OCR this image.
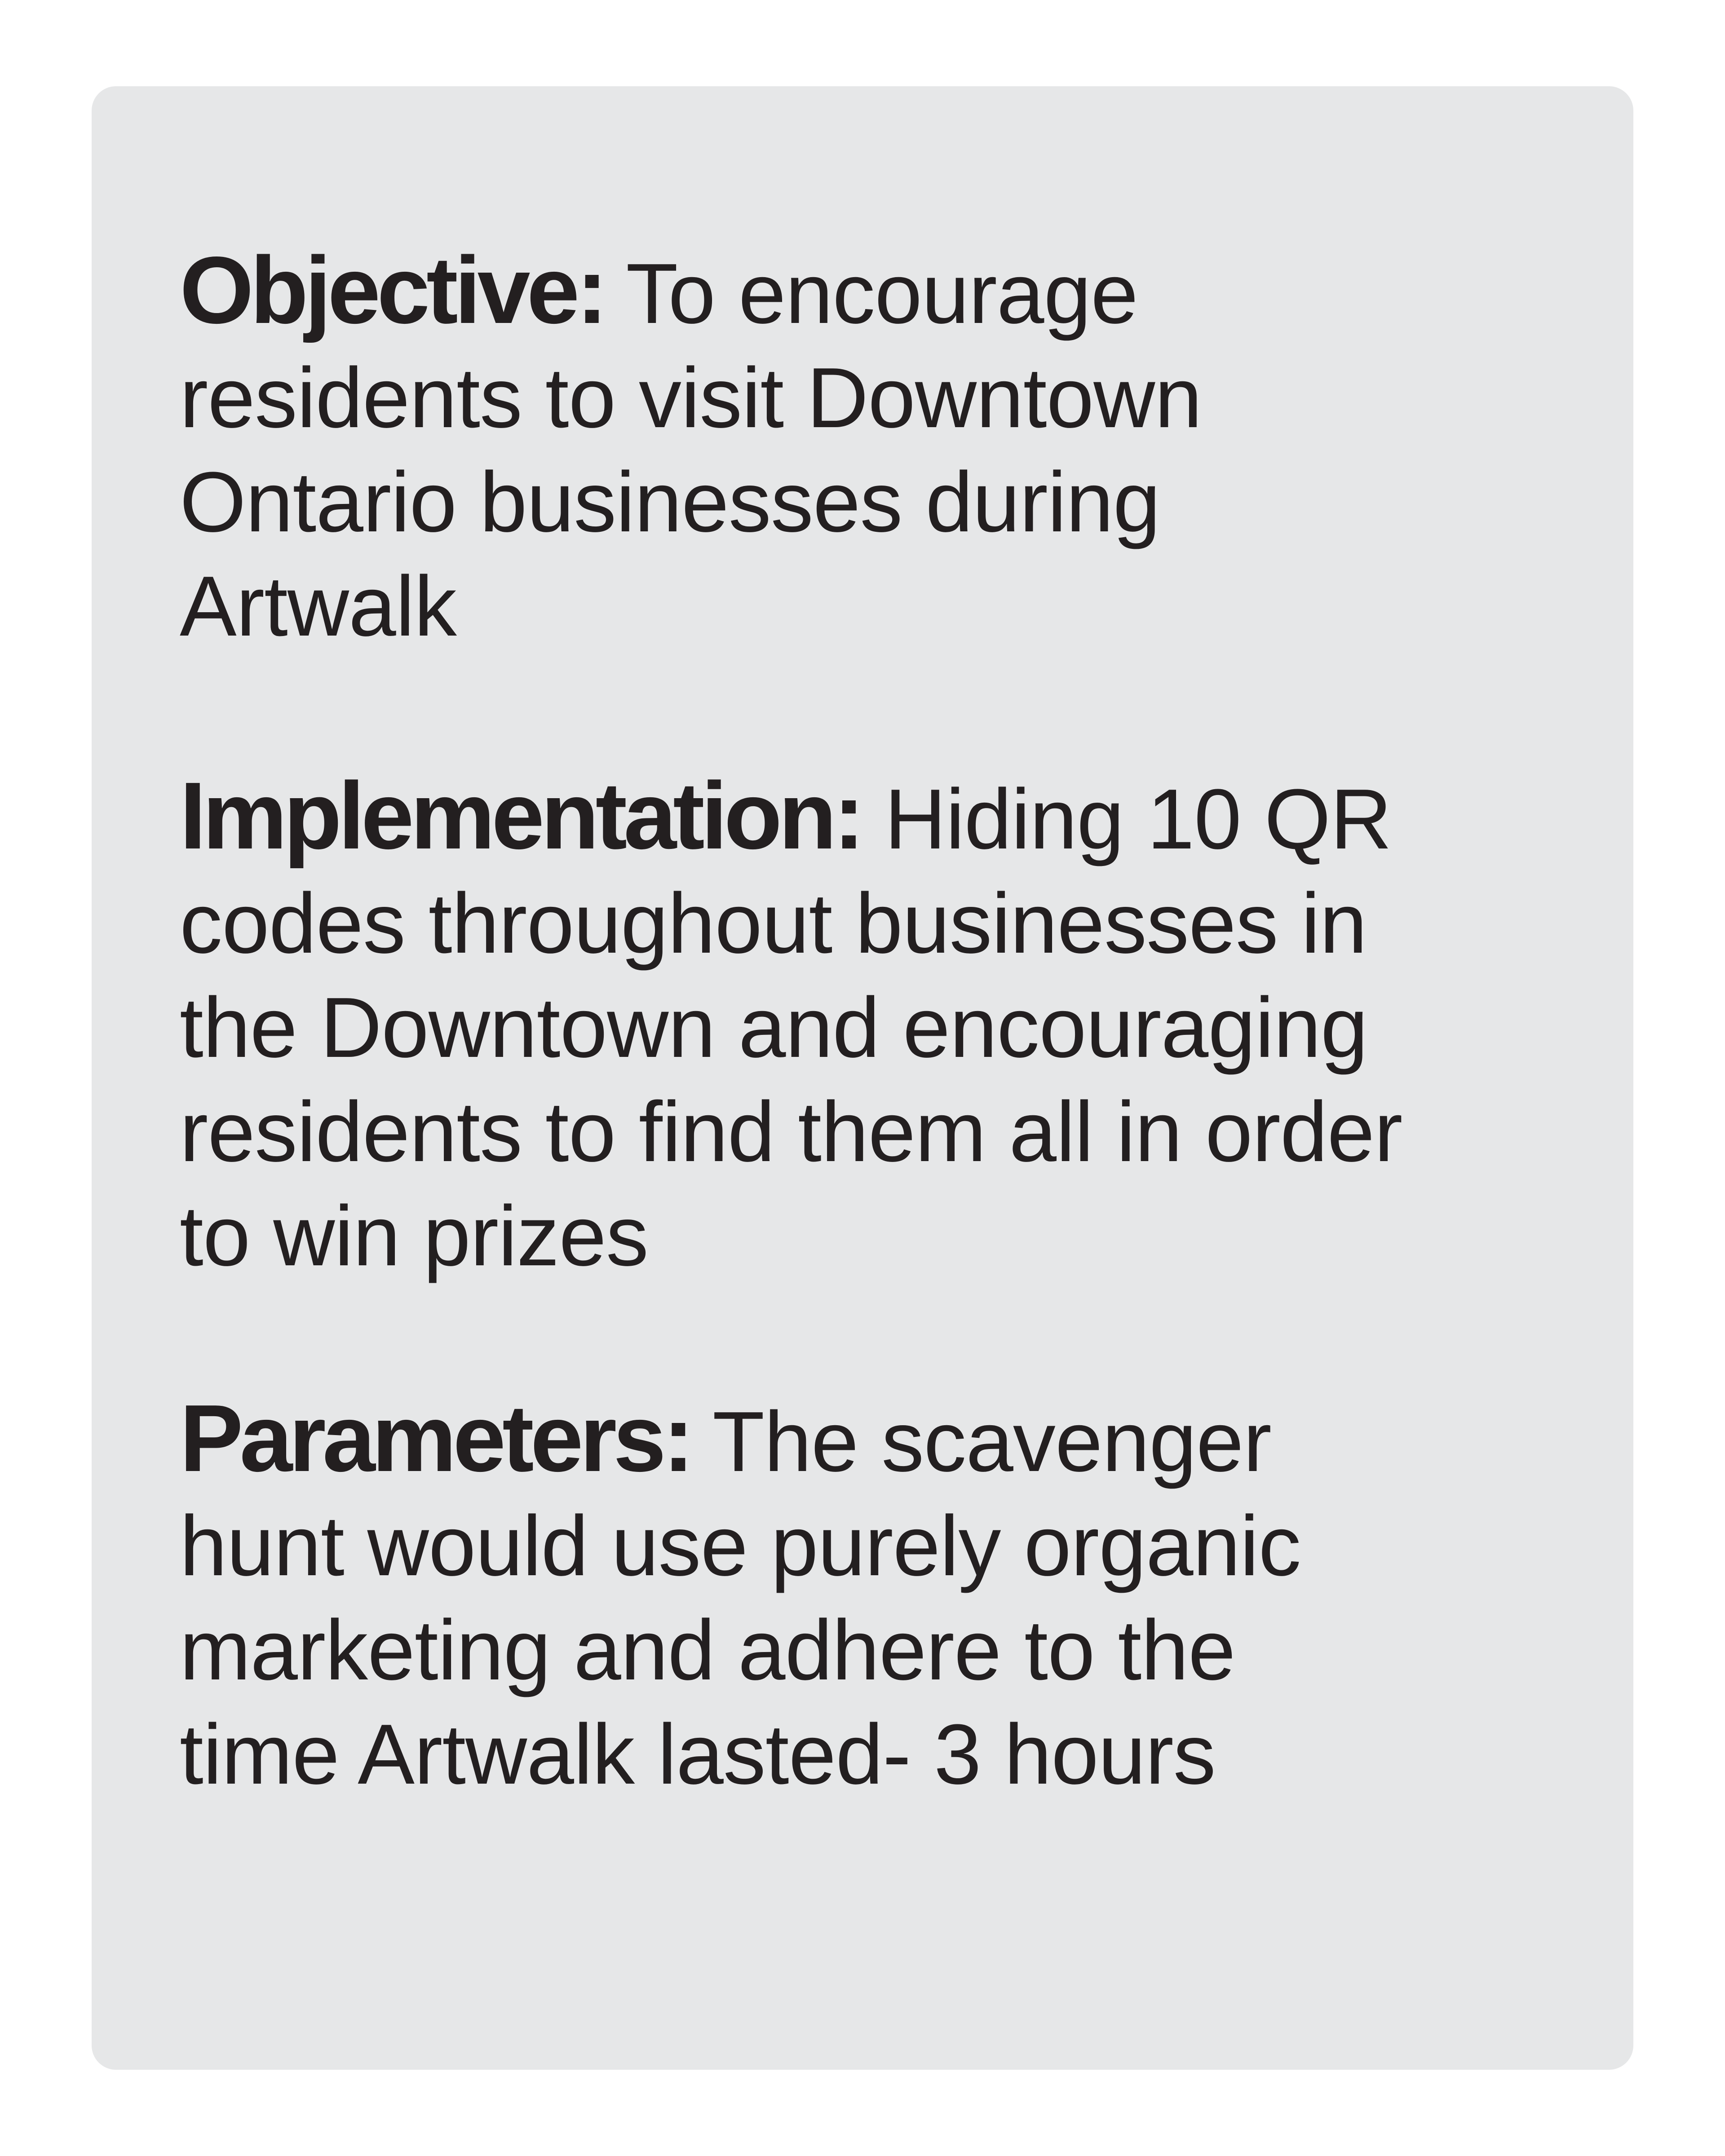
Objective: To encourage
residents to visit Downtown
Ontario businesses during
Artwalk

Implementation: Hiding 10 QR
codes throughout businesses in
the Downtown and encouraging
residents to find them all in order
to win prizes

Parameters: The scavenger
hunt would use purely organic
marketing and adhere to the
time Artwalk lasted- 3 hours
